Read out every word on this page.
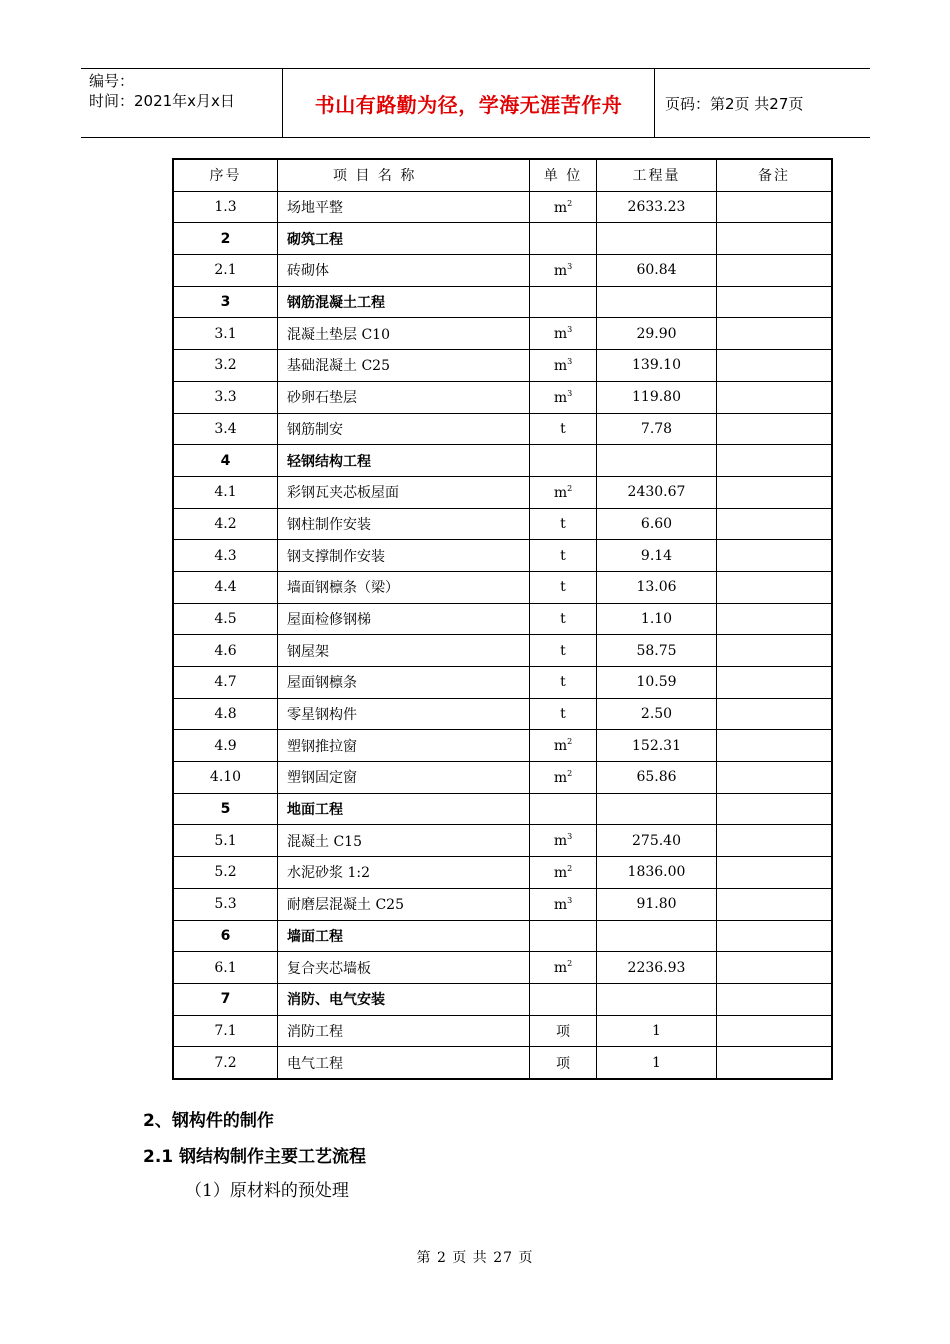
编号：
时间：2021年x月x日	书山有路勤为径，学海无涯苦作舟	页码：第2页 共27页
序号	项 目 名 称	单 位	工程量	备注
1.3	场地平整	$m^2$	2633.23	
2	砌筑工程			
2.1	砖砌体	$m^3$	60.84	
3	钢筋混凝土工程			
3.1	混凝土垫层 C10	$m^3$	29.90	
3.2	基础混凝土 C25	$m^3$	139.10	
3.3	砂卵石垫层	$m^3$	119.80	
3.4	钢筋制安	t	7.78	
4	轻钢结构工程			
4.1	彩钢瓦夹芯板屋面	$m^2$	2430.67	
4.2	钢柱制作安装	t	6.60	
4.3	钢支撑制作安装	t	9.14	
4.4	墙面钢檩条（梁）	t	13.06	
4.5	屋面检修钢梯	t	1.10	
4.6	钢屋架	t	58.75	
4.7	屋面钢檩条	t	10.59	
4.8	零星钢构件	t	2.50	
4.9	塑钢推拉窗	$m^2$	152.31	
4.10	塑钢固定窗	$m^2$	65.86	
5	地面工程			
5.1	混凝土 C15	$m^3$	275.40	
5.2	水泥砂浆 1:2	$m^2$	1836.00	
5.3	耐磨层混凝土 C25	$m^3$	91.80	
6	墙面工程			
6.1	复合夹芯墙板	$m^2$	2236.93	
7	消防、电气安装			
7.1	消防工程	项	1	
7.2	电气工程	项	1	
2、钢构件的制作
2.1 钢结构制作主要工艺流程
（1）原材料的预处理
第 2 页 共 27 页
